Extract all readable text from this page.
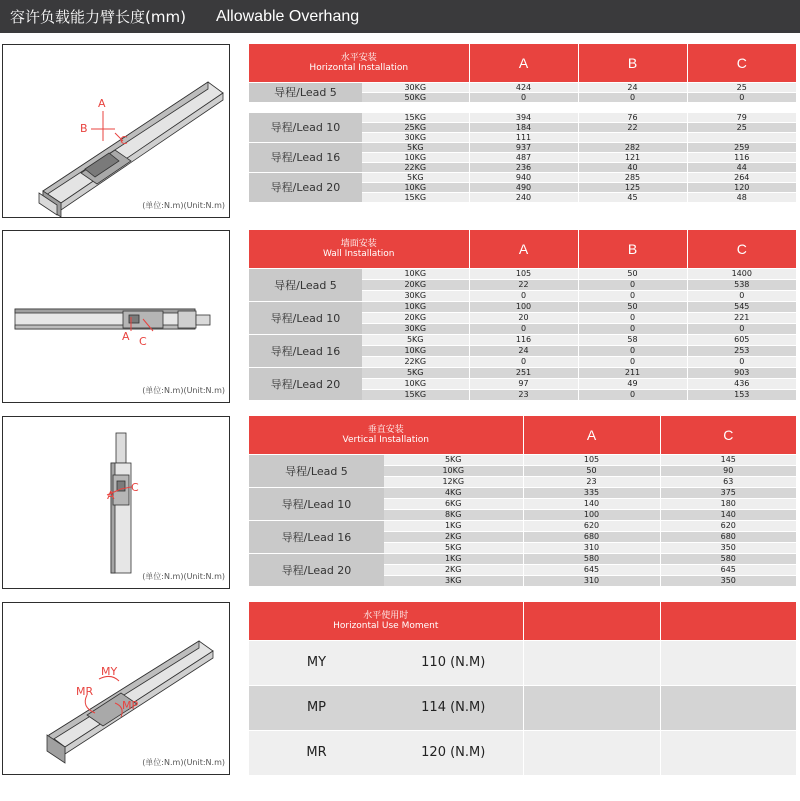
容许负载能力臂长度(mm) Allowable Overhang
A
B
C
(单位:N.m)(Unit:N.m)
水平安装
Horizontal Installation		A	B	C
导程/Lead 5	30KG	424	24	25
	50KG	0	0	0

导程/Lead 10	15KG	394	76	79
	25KG	184	22	25
	30KG	111		
导程/Lead 16	5KG	937	282	259
	10KG	487	121	116
	22KG	236	40	44
导程/Lead 20	5KG	940	285	264
	10KG	490	125	120
	15KG	240	45	48
A C
(单位:N.m)(Unit:N.m)
墙面安装
Wall Installation		A	B	C
导程/Lead 5	10KG	105	50	1400
	20KG	22	0	538
	30KG	0	0	0
导程/Lead 10	10KG	100	50	545
	20KG	20	0	221
	30KG	0	0	0
导程/Lead 16	5KG	116	58	605
	10KG	24	0	253
	22KG	0	0	0
导程/Lead 20	5KG	251	211	903
	10KG	97	49	436
	15KG	23	0	153
A
C
(单位:N.m)(Unit:N.m)
垂直安装
Vertical Installation		A	C
导程/Lead 5	5KG	105	145
	10KG	50	90
	12KG	23	63
导程/Lead 10	4KG	335	375
	6KG	140	180
	8KG	100	140
导程/Lead 16	1KG	620	620
	2KG	680	680
	5KG	310	350
导程/Lead 20	1KG	580	580
	2KG	645	645
	3KG	310	350
MY
MR
MP
(单位:N.m)(Unit:N.m)
水平使用时
Horizontal Use Moment			

MY	110 (N.M)		
MP	114 (N.M)		
MR	120 (N.M)		
